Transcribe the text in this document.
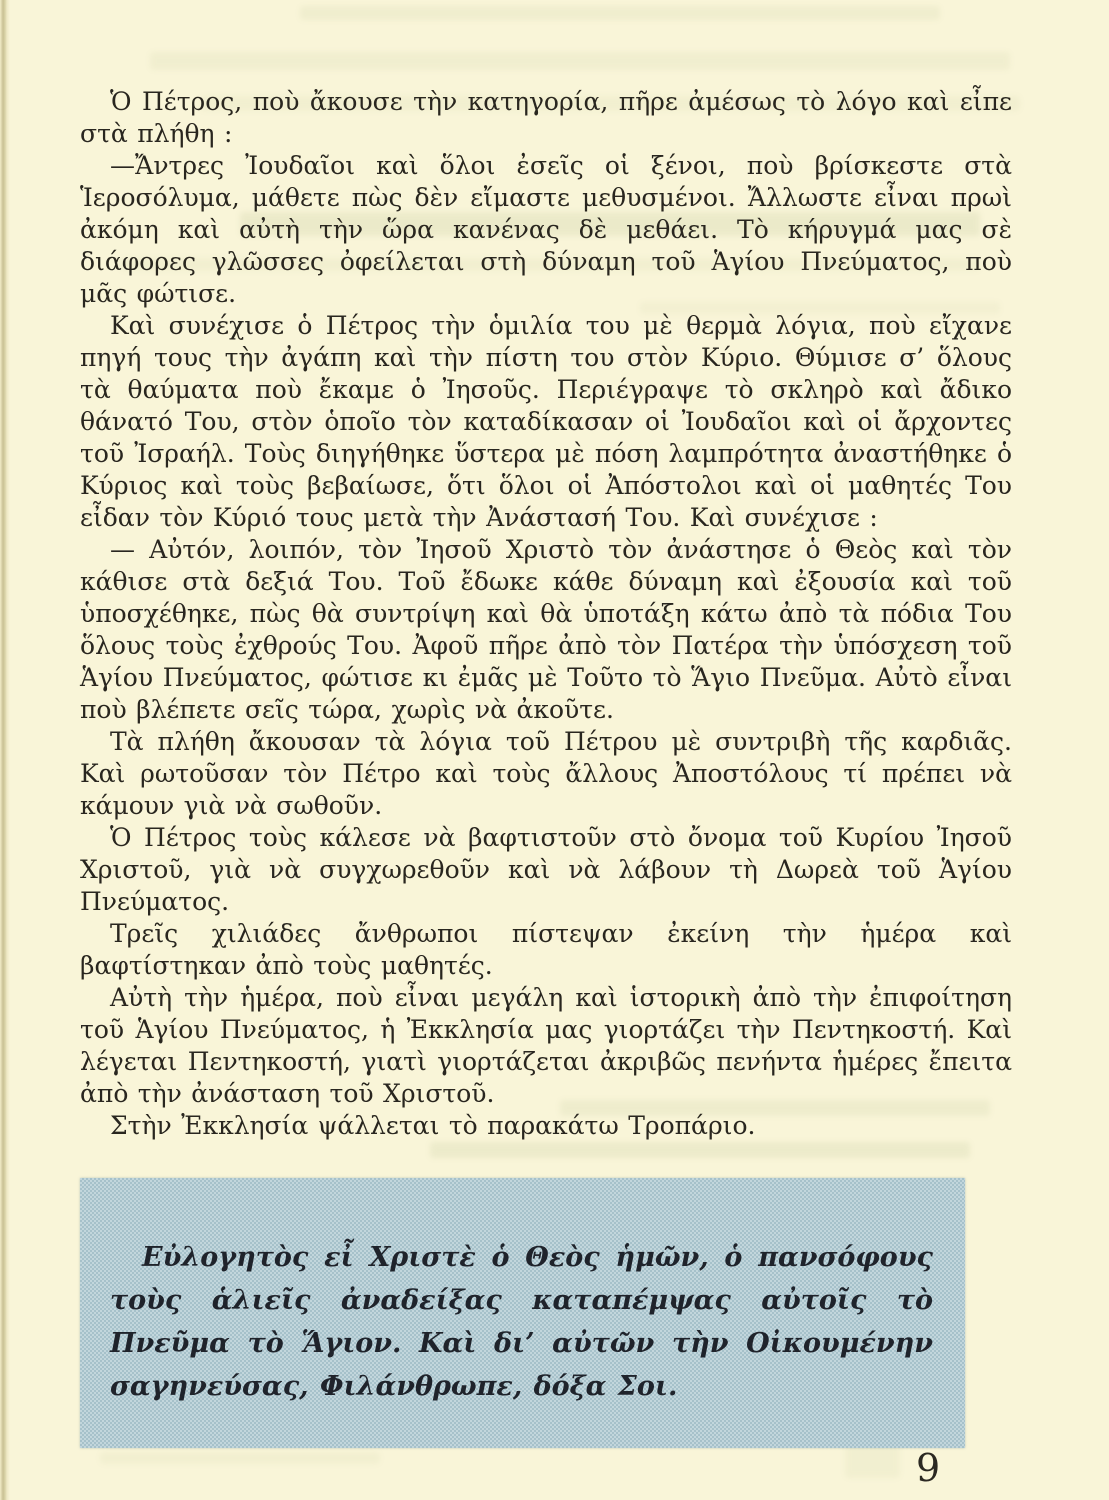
Ὁ Πέτρος, ποὺ ἄκουσε τὴν κατηγορία, πῆρε ἀμέσως τὸ λόγο καὶ εἶπε στὰ πλήθη :

—Ἄντρες Ἰουδαῖοι καὶ ὅλοι ἐσεῖς οἱ ξένοι, ποὺ βρίσκεστε στὰ Ἱεροσόλυμα, μάθετε πὼς δὲν εἴμαστε μεθυσμένοι. Ἄλλωστε εἶναι πρωὶ ἀκόμη καὶ αὐτὴ τὴν ὥρα κανένας δὲ μεθάει. Τὸ κήρυγμά μας σὲ διάφορες γλῶσσες ὀφείλεται στὴ δύναμη τοῦ Ἁγίου Πνεύματος, ποὺ μᾶς φώτισε.

Καὶ συνέχισε ὁ Πέτρος τὴν ὁμιλία του μὲ θερμὰ λόγια, ποὺ εἴχανε πηγή τους τὴν ἀγάπη καὶ τὴν πίστη του στὸν Κύριο. Θύμισε σ’ ὅλους τὰ θαύματα ποὺ ἔκαμε ὁ Ἰησοῦς. Περιέγραψε τὸ σκληρὸ καὶ ἄδικο θάνατό Του, στὸν ὁποῖο τὸν καταδίκασαν οἱ Ἰουδαῖοι καὶ οἱ ἄρχοντες τοῦ Ἰσραήλ. Τοὺς διηγήθηκε ὕστερα μὲ πόση λαμπρότητα ἀναστήθηκε ὁ Κύριος καὶ τοὺς βεβαίωσε, ὅτι ὅλοι οἱ Ἀπόστολοι καὶ οἱ μαθητές Του εἶδαν τὸν Κύριό τους μετὰ τὴν Ἀνάστασή Του. Καὶ συνέχισε :

— Αὐτόν, λοιπόν, τὸν Ἰησοῦ Χριστὸ τὸν ἀνάστησε ὁ Θεὸς καὶ τὸν κάθισε στὰ δεξιά Του. Τοῦ ἔδωκε κάθε δύναμη καὶ ἐξουσία καὶ τοῦ ὑποσχέθηκε, πὼς θὰ συντρίψη καὶ θὰ ὑποτάξη κάτω ἀπὸ τὰ πόδια Του ὅλους τοὺς ἐχθρούς Του. Ἀφοῦ πῆρε ἀπὸ τὸν Πατέρα τὴν ὑπόσχεση τοῦ Ἁγίου Πνεύματος, φώτισε κι ἐμᾶς μὲ Τοῦτο τὸ Ἅγιο Πνεῦμα. Αὐτὸ εἶναι ποὺ βλέπετε σεῖς τώρα, χωρὶς νὰ ἀκοῦτε.

Τὰ πλήθη ἄκουσαν τὰ λόγια τοῦ Πέτρου μὲ συντριβὴ τῆς καρδιᾶς. Καὶ ρωτοῦσαν τὸν Πέτρο καὶ τοὺς ἄλλους Ἀποστόλους τί πρέπει νὰ κάμουν γιὰ νὰ σωθοῦν.

Ὁ Πέτρος τοὺς κάλεσε νὰ βαφτιστοῦν στὸ ὄνομα τοῦ Κυρίου Ἰησοῦ Χριστοῦ, γιὰ νὰ συγχωρεθοῦν καὶ νὰ λάβουν τὴ Δωρεὰ τοῦ Ἁγίου Πνεύματος.

Τρεῖς χιλιάδες ἄνθρωποι πίστεψαν ἐκείνη τὴν ἡμέρα καὶ βαφτίστηκαν ἀπὸ τοὺς μαθητές.

Αὐτὴ τὴν ἡμέρα, ποὺ εἶναι μεγάλη καὶ ἱστορικὴ ἀπὸ τὴν ἐπιφοίτηση τοῦ Ἁγίου Πνεύματος, ἡ Ἐκκλησία μας γιορτάζει τὴν Πεντηκοστή. Καὶ λέγεται Πεντηκοστή, γιατὶ γιορτάζεται ἀκριβῶς πενήντα ἡμέρες ἔπειτα ἀπὸ τὴν ἀνάσταση τοῦ Χριστοῦ.

Στὴν Ἐκκλησία ψάλλεται τὸ παρακάτω Τροπάριο.

Εὐλογητὸς εἶ Χριστὲ ὁ Θεὸς ἡμῶν, ὁ πανσόφους τοὺς ἁλιεῖς ἀναδείξας καταπέμψας αὐτοῖς τὸ Πνεῦμα τὸ Ἅγιον. Καὶ δι’ αὐτῶν τὴν Οἰκουμένην σαγηνεύσας, Φιλάνθρωπε, δόξα Σοι.

9
